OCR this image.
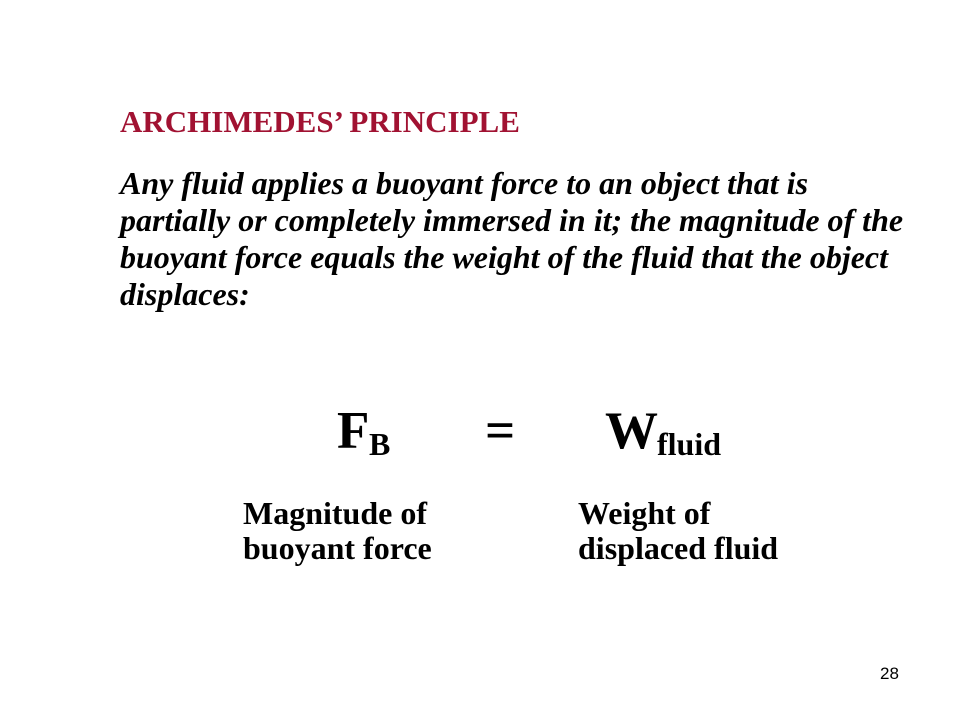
ARCHIMEDES’ PRINCIPLE
Any fluid applies a buoyant force to an object that is
partially or completely immersed in it; the magnitude of the
buoyant force equals the weight of the fluid that the object
displaces:
F B = W fluid
Magnitude of
buoyant force
Weight of
displaced fluid
28
